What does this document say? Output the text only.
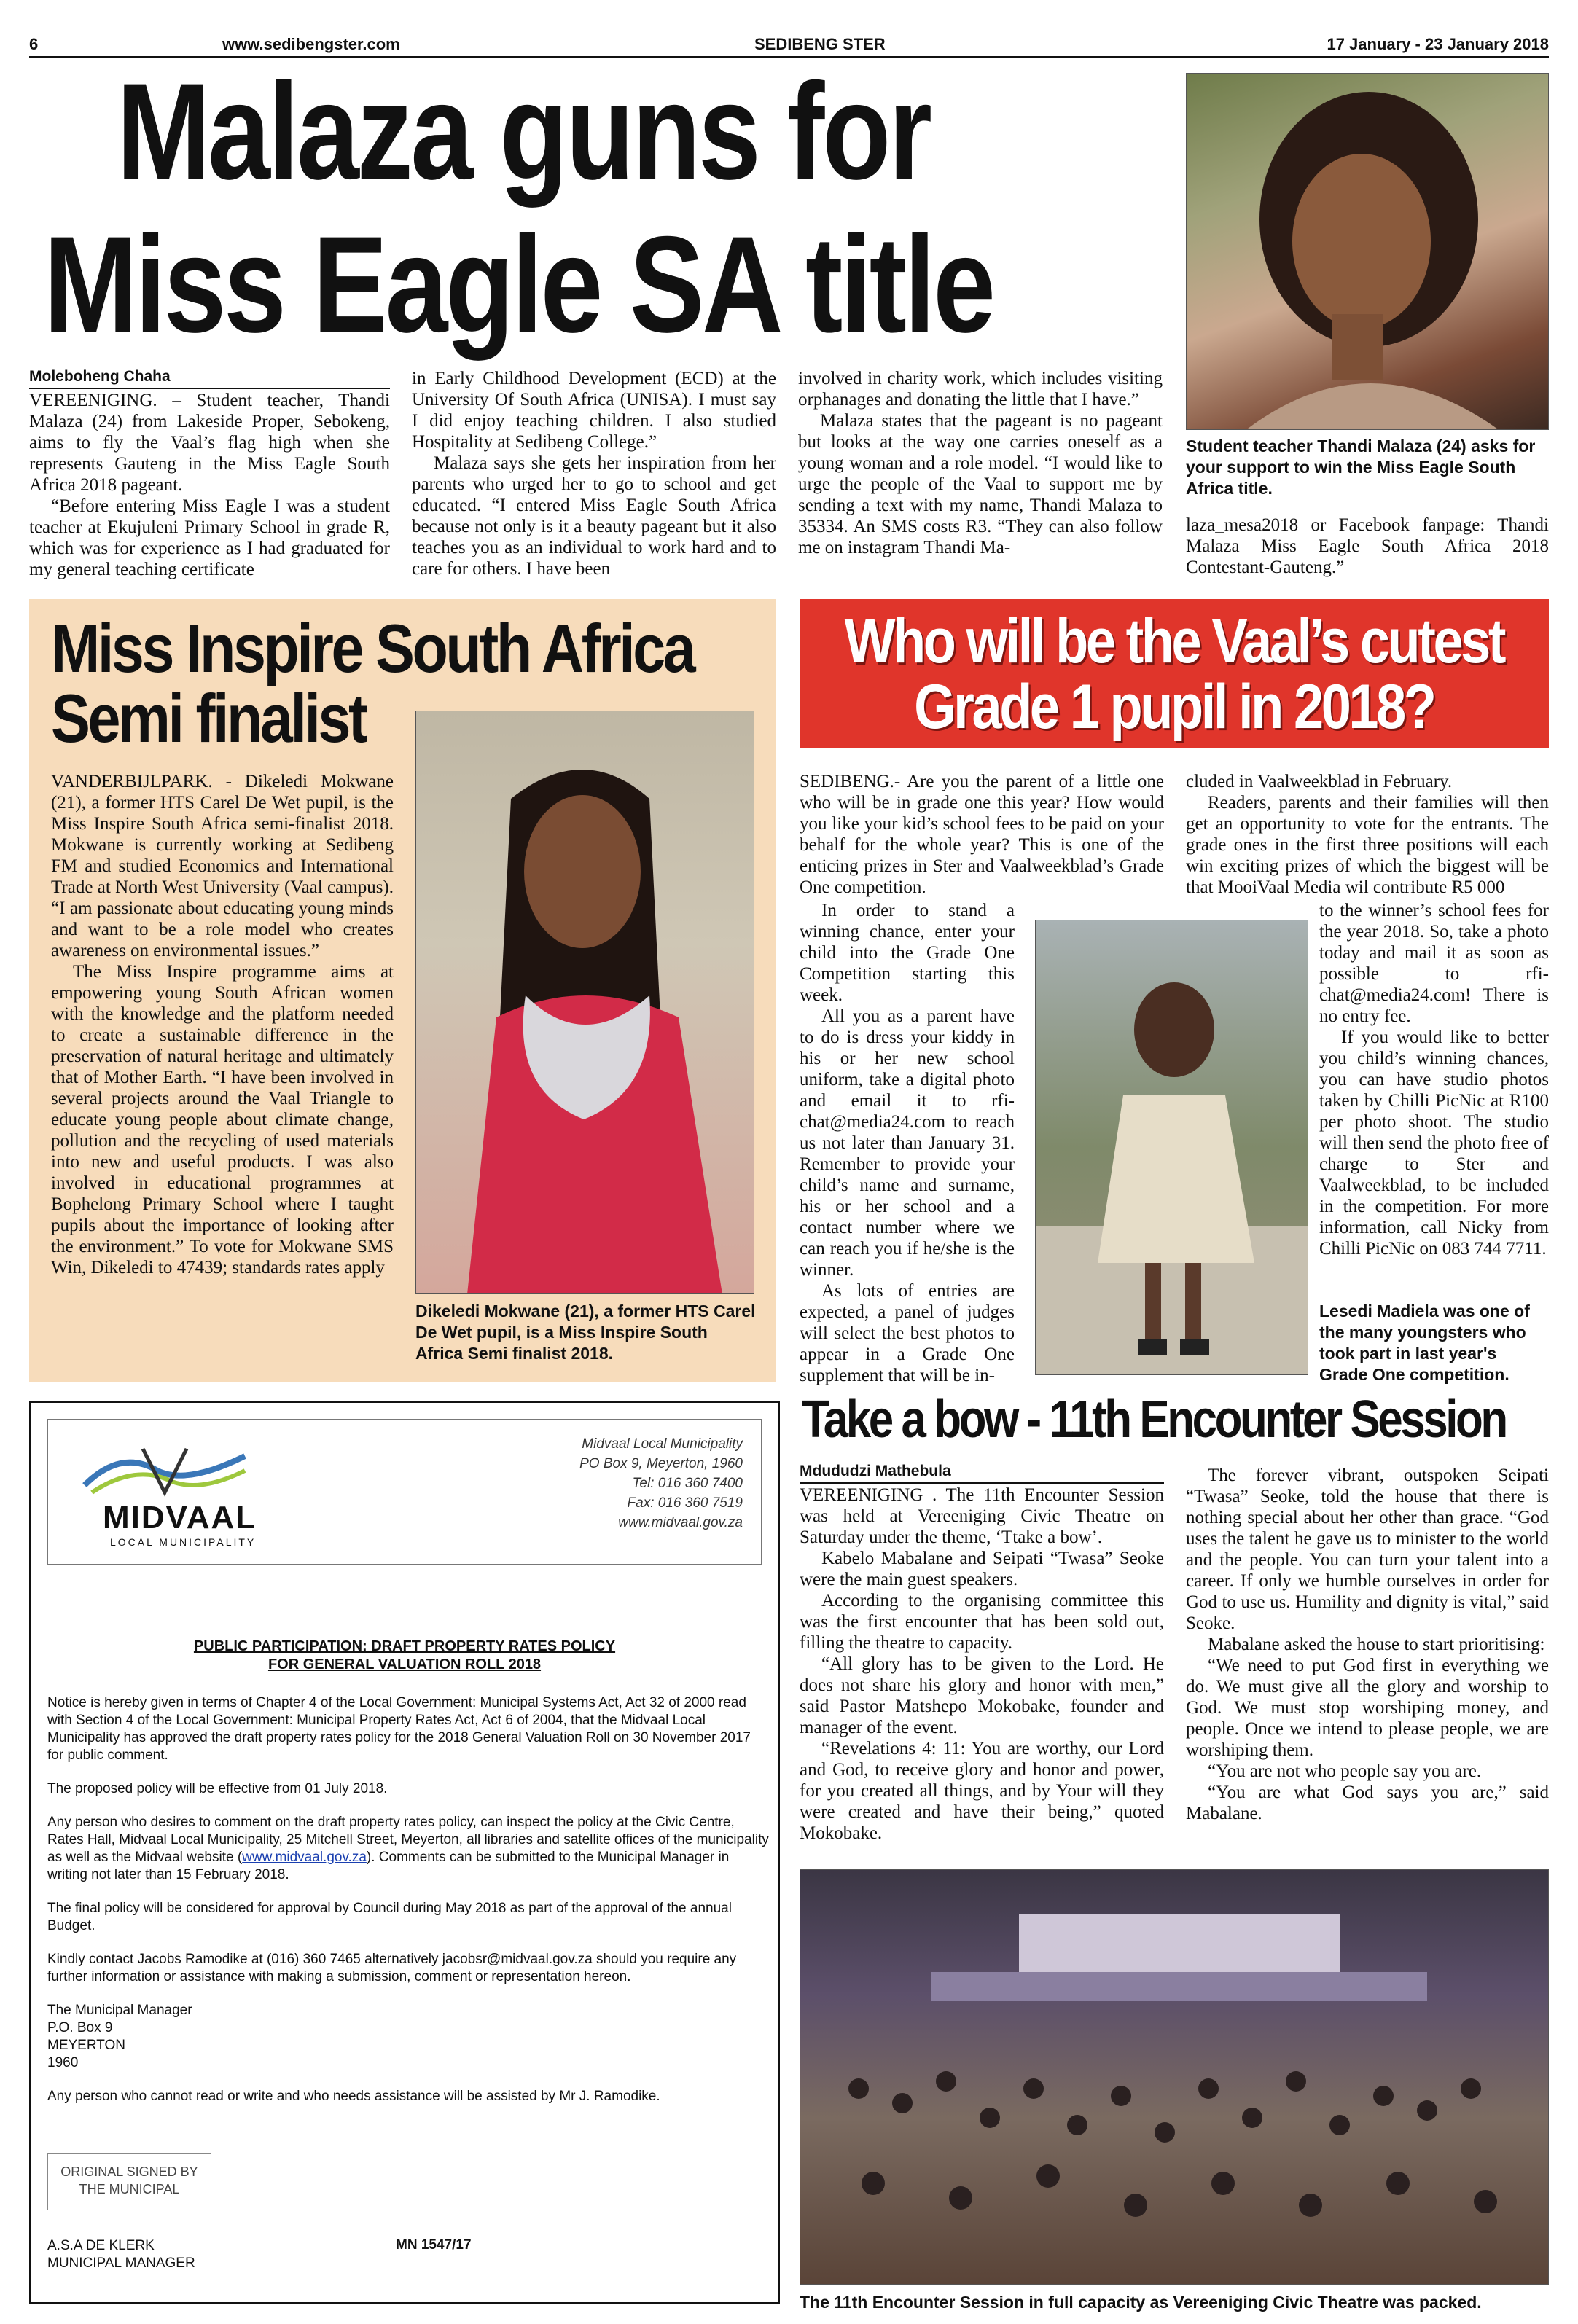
6	www.sedibengster.com	SEDIBENG STER	17 January - 23 January 2018
Malaza guns for
Miss Eagle SA title
Moleboheng Chaha

VEREENIGING. – Student teacher, Thandi Malaza (24) from Lakeside Proper, Sebokeng, aims to fly the Vaal’s flag high when she represents Gauteng in the Miss Eagle South Africa 2018 pageant.

“Before entering Miss Eagle I was a student teacher at Ekujuleni Primary School in grade R, which was for experience as I had graduated for my general teaching certificate

in Early Childhood Development (ECD) at the University Of South Africa (UNISA). I must say I did enjoy teaching children. I also studied Hospitality at Sedibeng College.”

Malaza says she gets her inspiration from her parents who urged her to go to school and get educated. “I entered Miss Eagle South Africa because not only is it a beauty pageant but it also teaches you as an individual to work hard and to care for others. I have been

involved in charity work, which includes visiting orphanages and donating the little that I have.”

Malaza states that the pageant is no pageant but looks at the way one carries oneself as a young woman and a role model. “I would like to urge the people of the Vaal to support me by sending a text with my name, Thandi Malaza to 35334. An SMS costs R3. “They can also follow me on instagram Thandi Ma-

Student teacher Thandi Malaza (24) asks for your support to win the Miss Eagle South Africa title.

laza_mesa2018 or Facebook fanpage: Thandi Malaza Miss Eagle South Africa 2018 Contestant-Gauteng.”

Miss Inspire South Africa
Semi finalist

VANDERBIJLPARK. - Dikeledi Mokwane (21), a former HTS Carel De Wet pupil, is the Miss Inspire South Africa semi-finalist 2018. Mokwane is currently working at Sedibeng FM and studied Economics and International Trade at North West University (Vaal campus). “I am passionate about educating young minds and want to be a role model who creates awareness on environmental issues.”

The Miss Inspire programme aims at empowering young South African women with the knowledge and the platform needed to create a sustainable difference in the preservation of natural heritage and ultimately that of Mother Earth. “I have been involved in several projects around the Vaal Triangle to educate young people about climate change, pollution and the recycling of used materials into new and useful products. I was also involved in educational programmes at Bophelong Primary School where I taught pupils about the importance of looking after the environment.” To vote for Mokwane SMS Win, Dikeledi to 47439; standards rates apply

Dikeledi Mokwane (21), a former HTS Carel De Wet pupil, is a Miss Inspire South Africa Semi finalist 2018.
Who will be the Vaal’s cutest
Grade 1 pupil in 2018?

SEDIBENG.- Are you the parent of a little one who will be in grade one this year? How would you like your kid’s school fees to be paid on your behalf for the whole year? This is one of the enticing prizes in Ster and Vaalweekblad’s Grade One competition.

In order to stand a winning chance, enter your child into the Grade One Competition starting this week.

All you as a parent have to do is dress your kiddy in his or her new school uniform, take a digital photo and email it to rfi-chat@media24.com to reach us not later than January 31. Remember to provide your child’s name and surname, his or her school and a contact number where we can reach you if he/she is the winner.

As lots of entries are expected, a panel of judges will select the best photos to appear in a Grade One supplement that will be in-

cluded in Vaalweekblad in February.

Readers, parents and their families will then get an opportunity to vote for the entrants. The grade ones in the first three positions will each win exciting prizes of which the biggest will be that MooiVaal Media wil contribute R5 000

to the winner’s school fees for the year 2018. So, take a photo today and mail it as soon as possible to rfi-chat@media24.com! There is no entry fee.

If you would like to better you child’s winning chances, you can have studio photos taken by Chilli PicNic at R100 per photo shoot. The studio will then send the photo free of charge to Ster and Vaalweekblad, to be included in the competition. For more information, call Nicky from Chilli PicNic on 083 744 7711.

Lesedi Madiela was one of the many youngsters who took part in last year's Grade One competition.
Take a bow - 11th Encounter Session
Mdududzi Mathebula

VEREENIGING . The 11th Encounter Session was held at Vereeniging Civic Theatre on Saturday under the theme, ‘Ttake a bow’.

Kabelo Mabalane and Seipati “Twasa” Seoke were the main guest speakers.

According to the organising committee this was the first encounter that has been sold out, filling the theatre to capacity.

“All glory has to be given to the Lord. He does not share his glory and honor with men,” said Pastor Matshepo Mokobake, founder and manager of the event.

“Revelations 4: 11: You are worthy, our Lord and God, to receive glory and honor and power, for you created all things, and by Your will they were created and have their being,” quoted Mokobake.

The forever vibrant, outspoken Seipati “Twasa” Seoke, told the house that there is nothing special about her other than grace. “God uses the talent he gave us to minister to the world and the people. You can turn your talent into a career. If only we humble ourselves in order for God to use us. Humility and dignity is vital,” said Seoke.

Mabalane asked the house to start prioritising:

“We need to put God first in everything we do. We must give all the glory and worship to God. We must stop worshiping money, and people. Once we intend to please people, we are worshiping them.

“You are not who people say you are.

“You are what God says you are,” said Mabalane.

The 11th Encounter Session in full capacity as Vereeniging Civic Theatre was packed.
MIDVAAL
LOCAL MUNICIPALITY
Midvaal Local Municipality
PO Box 9, Meyerton, 1960
Tel: 016 360 7400
Fax: 016 360 7519
www.midvaal.gov.za
PUBLIC PARTICIPATION: DRAFT PROPERTY RATES POLICY
FOR GENERAL VALUATION ROLL 2018

Notice is hereby given in terms of Chapter 4 of the Local Government: Municipal Systems Act, Act 32 of 2000 read with Section 4 of the Local Government: Municipal Property Rates Act, Act 6 of 2004, that the Midvaal Local Municipality has approved the draft property rates policy for the 2018 General Valuation Roll on 30 November 2017 for public comment.

The proposed policy will be effective from 01 July 2018.

Any person who desires to comment on the draft property rates policy, can inspect the policy at the Civic Centre, Rates Hall, Midvaal Local Municipality, 25 Mitchell Street, Meyerton, all libraries and satellite offices of the municipality as well as the Midvaal website (www.midvaal.gov.za). Comments can be submitted to the Municipal Manager in writing not later than 15 February 2018.

The final policy will be considered for approval by Council during May 2018 as part of the approval of the annual Budget.

Kindly contact Jacobs Ramodike at (016) 360 7465 alternatively jacobsr@midvaal.gov.za should you require any further information or assistance with making a submission, comment or representation hereon.

The Municipal Manager
P.O. Box 9
MEYERTON
1960

Any person who cannot read or write and who needs assistance will be assisted by Mr J. Ramodike.

ORIGINAL SIGNED BY
THE MUNICIPAL
A.S.A DE KLERK
MUNICIPAL MANAGER
MN 1547/17
